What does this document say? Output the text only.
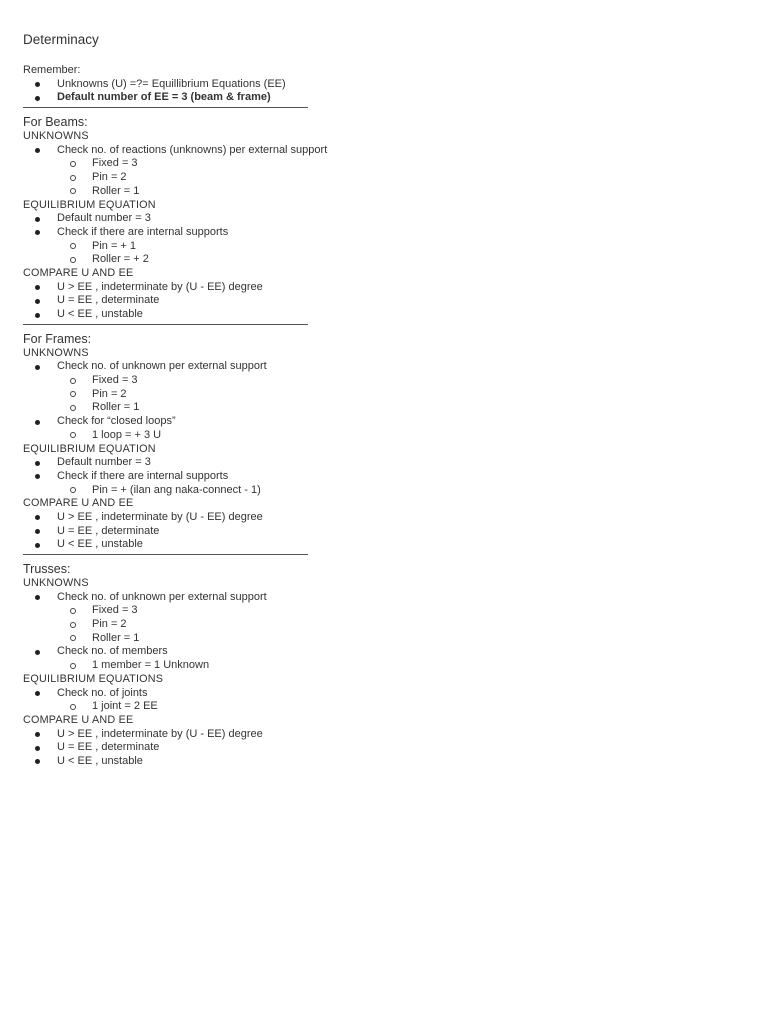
Determinacy
Remember:
Unknowns (U) =?= Equillibrium Equations (EE)
Default number of EE = 3 (beam & frame)
For Beams:
UNKNOWNS
Check no. of reactions (unknowns) per external support
Fixed = 3
Pin = 2
Roller = 1
EQUILIBRIUM EQUATION
Default number = 3
Check if there are internal supports
Pin = + 1
Roller = + 2
COMPARE U AND EE
U > EE , indeterminate by (U - EE) degree
U = EE , determinate
U < EE , unstable
For Frames:
UNKNOWNS
Check no. of unknown per external support
Fixed = 3
Pin = 2
Roller = 1
Check for “closed loops”
1 loop = + 3 U
EQUILIBRIUM EQUATION
Default number = 3
Check if there are internal supports
Pin = + (ilan ang naka-connect - 1)
COMPARE U AND EE
U > EE , indeterminate by (U - EE) degree
U = EE , determinate
U < EE , unstable
Trusses:
UNKNOWNS
Check no. of unknown per external support
Fixed = 3
Pin = 2
Roller = 1
Check no. of members
1 member = 1 Unknown
EQUILIBRIUM EQUATIONS
Check no. of joints
1 joint = 2 EE
COMPARE U AND EE
U > EE , indeterminate by (U - EE) degree
U = EE , determinate
U < EE , unstable
